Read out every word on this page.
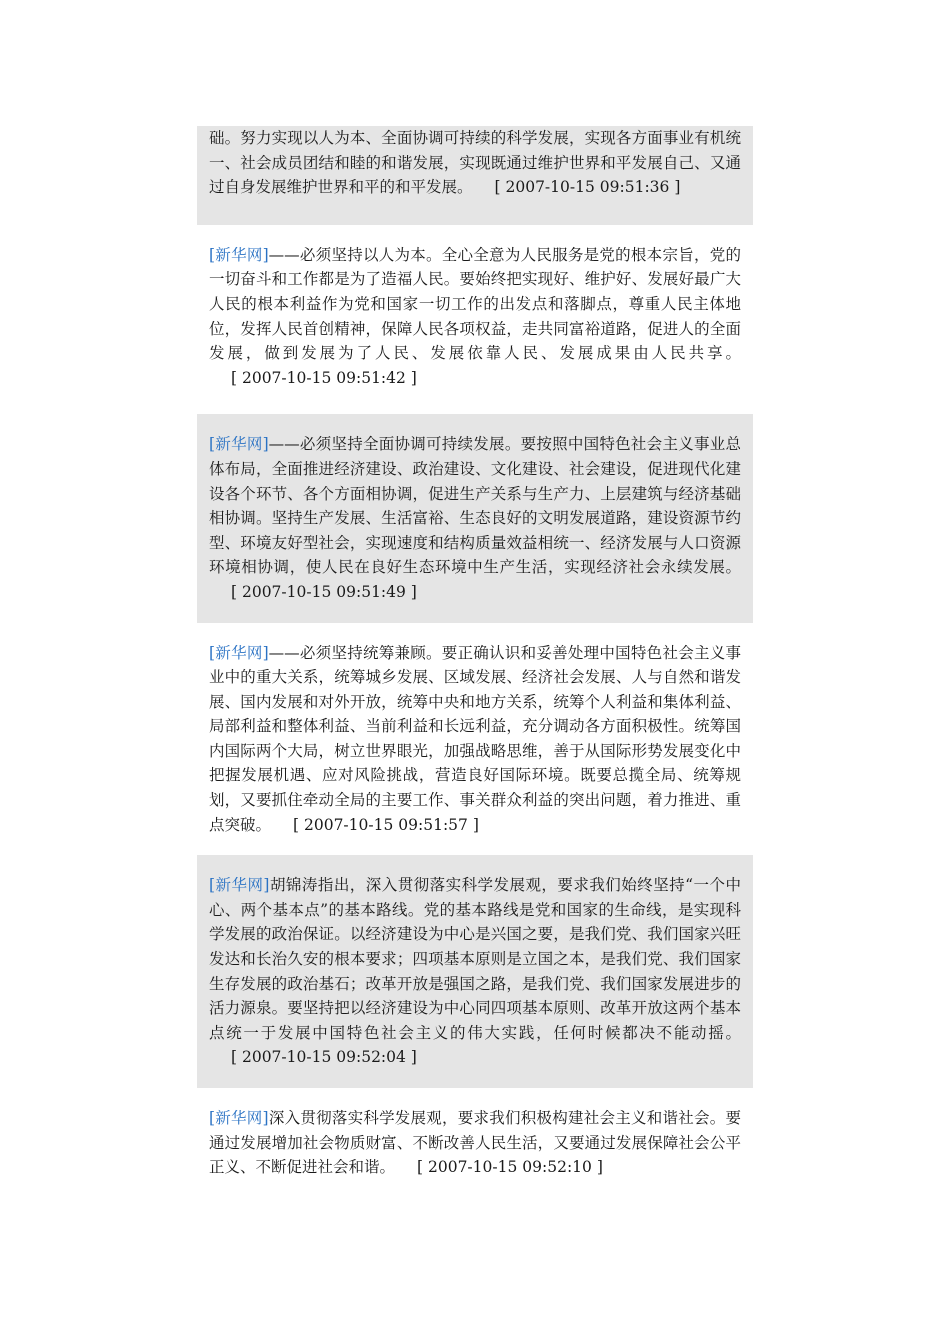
础。努力实现以人为本、全面协调可持续的科学发展，实现各方面事业有机统一、社会成员团结和睦的和谐发展，实现既通过维护世界和平发展自己、又通过自身发展维护世界和平的和平发展。 [ 2007-10-15 09:51:36 ]
[新华网]——必须坚持以人为本。全心全意为人民服务是党的根本宗旨，党的一切奋斗和工作都是为了造福人民。要始终把实现好、维护好、发展好最广大人民的根本利益作为党和国家一切工作的出发点和落脚点，尊重人民主体地位，发挥人民首创精神，保障人民各项权益，走共同富裕道路，促进人的全面发展，做到发展为了人民、发展依靠人民、发展成果由人民共享。[ 2007-10-15 09:51:42 ]
[新华网]——必须坚持全面协调可持续发展。要按照中国特色社会主义事业总体布局，全面推进经济建设、政治建设、文化建设、社会建设，促进现代化建设各个环节、各个方面相协调，促进生产关系与生产力、上层建筑与经济基础相协调。坚持生产发展、生活富裕、生态良好的文明发展道路，建设资源节约型、环境友好型社会，实现速度和结构质量效益相统一、经济发展与人口资源环境相协调，使人民在良好生态环境中生产生活，实现经济社会永续发展。[ 2007-10-15 09:51:49 ]
[新华网]——必须坚持统筹兼顾。要正确认识和妥善处理中国特色社会主义事业中的重大关系，统筹城乡发展、区域发展、经济社会发展、人与自然和谐发展、国内发展和对外开放，统筹中央和地方关系，统筹个人利益和集体利益、局部利益和整体利益、当前利益和长远利益，充分调动各方面积极性。统筹国内国际两个大局，树立世界眼光，加强战略思维，善于从国际形势发展变化中把握发展机遇、应对风险挑战，营造良好国际环境。既要总揽全局、统筹规划，又要抓住牵动全局的主要工作、事关群众利益的突出问题，着力推进、重点突破。 [ 2007-10-15 09:51:57 ]
[新华网]胡锦涛指出，深入贯彻落实科学发展观，要求我们始终坚持“一个中心、两个基本点”的基本路线。党的基本路线是党和国家的生命线，是实现科学发展的政治保证。以经济建设为中心是兴国之要，是我们党、我们国家兴旺发达和长治久安的根本要求；四项基本原则是立国之本，是我们党、我们国家生存发展的政治基石；改革开放是强国之路，是我们党、我们国家发展进步的活力源泉。要坚持把以经济建设为中心同四项基本原则、改革开放这两个基本点统一于发展中国特色社会主义的伟大实践，任何时候都决不能动摇。[ 2007-10-15 09:52:04 ]
[新华网]深入贯彻落实科学发展观，要求我们积极构建社会主义和谐社会。要通过发展增加社会物质财富、不断改善人民生活，又要通过发展保障社会公平正义、不断促进社会和谐。 [ 2007-10-15 09:52:10 ]
